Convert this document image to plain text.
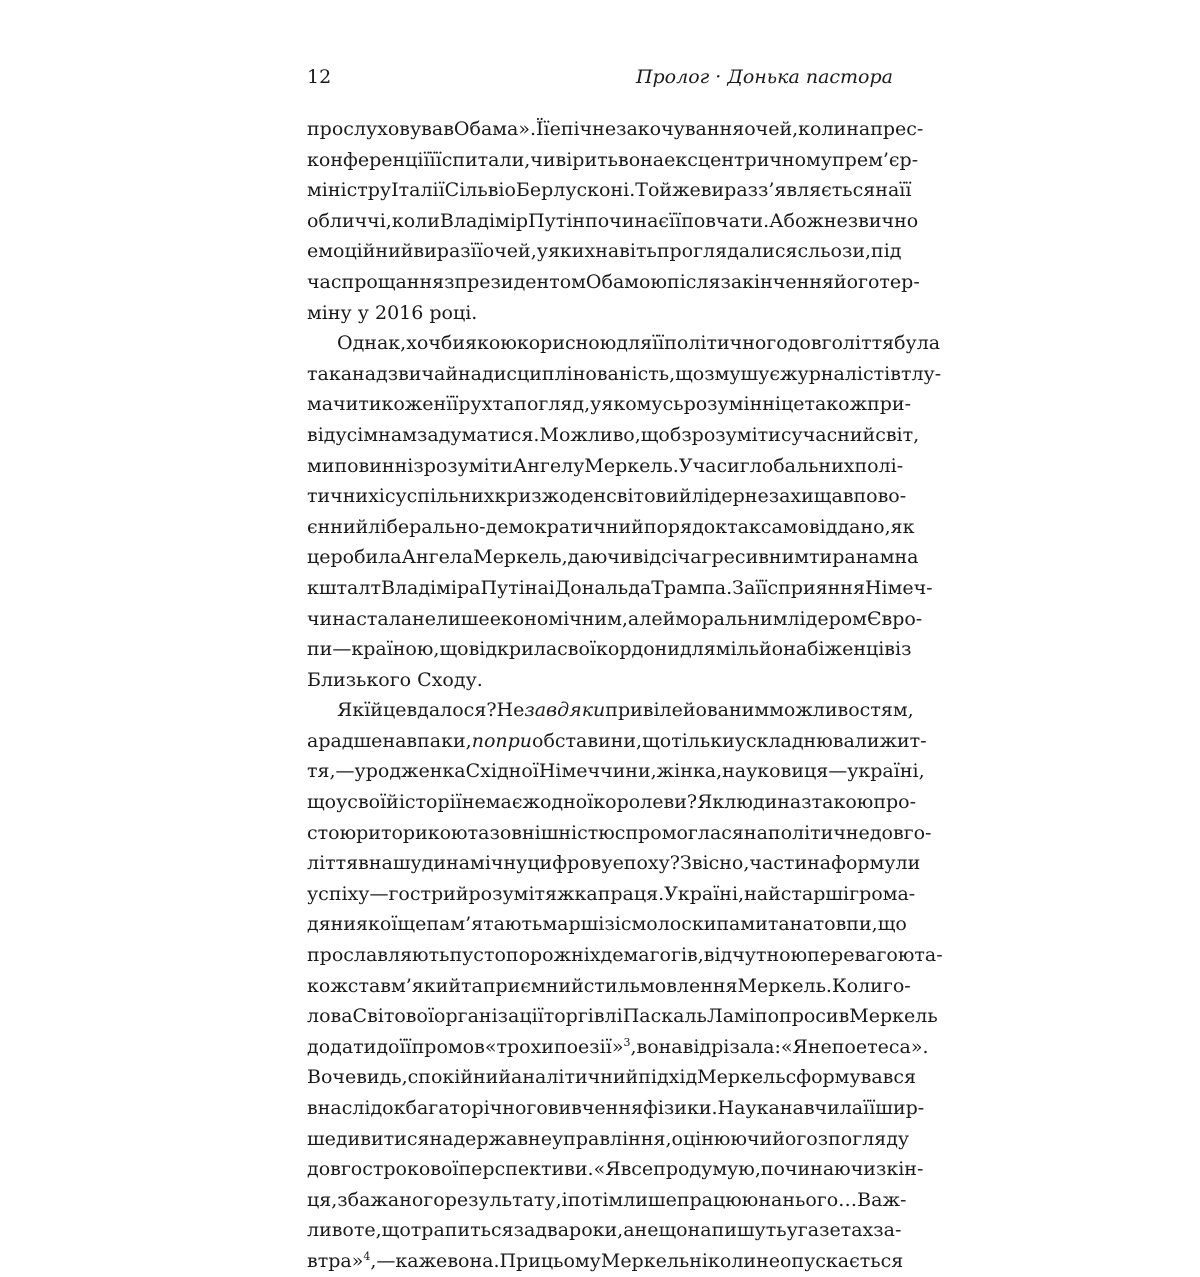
12	Пролог · Донька пастора
прослуховував Обама». Її епічне закочування очей, коли на прес-
конференції її спитали, чи вірить вона ексцентричному прем’єр-
міністру Італії Сільвіо Берлусконі. Той же вираз з’являється на її
обличчі, коли Владімір Путін починає її повчати. Або ж незвично
емоційний вираз її очей, у яких навіть проглядалися сльози, під
час прощання з президентом Обамою після закінчення його тер-
міну у 2016 році.
Однак, хоч би якою корисною для її політичного довголіття була
така надзвичайна дисциплінованість, що змушує журналістів тлу-
мачити кожен її рух та погляд, у якомусь розумінні це також при-
від усім нам задуматися. Можливо, щоб зрозуміти сучасний світ,
ми повинні зрозуміти Ангелу Меркель. У часи глобальних полі-
тичних і суспільних криз жоден світовий лідер не захищав пово-
єнний ліберально-демократичний порядок так самовіддано, як
це робила Ангела Меркель, даючи відсіч агресивним тиранам на
кшталт Владіміра Путіна і Дональда Трампа. За її сприяння Німеч-
чина стала не лише економічним, але й моральним лідером Євро-
пи — країною, що відкрила свої кордони для мільйона біженців із
Близького Сходу.
Як їй це вдалося? Не завдяки привілейованим можливостям,
а радше навпаки, попри обставини, що тільки ускладнювали жит-
тя, — уродженка Східної Німеччини, жінка, науковиця — у країні,
що у своїй історії не має жодної королеви? Як людина з такою про-
стою риторикою та зовнішністю спромоглася на політичне довго-
ліття в нашу динамічну цифрову епоху? Звісно, частина формули
успіху — гострий розум і тяжка праця. У країні, найстарші грома-
дяни якої ще пам’ятають марші зі смолоскипами та натовпи, що
прославляють пустопорожніх демагогів, відчутною перевагою та-
кож став м’який та приємний стиль мовлення Меркель. Коли го-
лова Світової організації торгівлі Паскаль Ламі попросив Меркель
додати до її промов «трохи поезії»$^3$, вона відрізала: «Я не поетеса».
Вочевидь, спокійний аналітичний підхід Меркель сформувався
внаслідок багаторічного вивчення фізики. Наука навчила її шир-
ше дивитися на державне управління, оцінюючи його з погляду
довгострокової перспективи. «Я все продумую, починаючи з кін-
ця, з бажаного результату, і потім лише працюю на нього… Важ-
ливо те, що трапиться за два роки, а не що напишуть у газетах за-
втра»$^4$, — каже вона. При цьому Меркель ніколи не опускається
